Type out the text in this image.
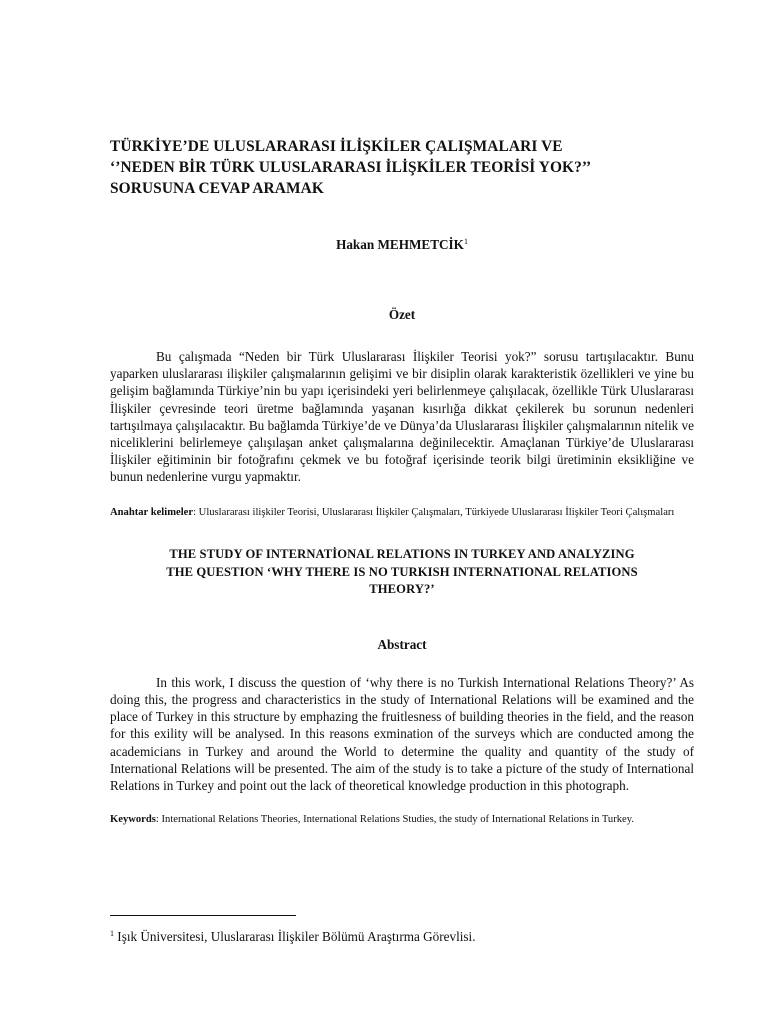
TÜRKİYE’DE ULUSLARARASI İLİŞKİLER ÇALIŞMALARI VE
‘’NEDEN BİR TÜRK ULUSLARARASI İLİŞKİLER TEORİSİ YOK?’’
SORUSUNA CEVAP ARAMAK
Hakan MEHMETCİK$^1$
Özet

Bu çalışmada “Neden bir Türk Uluslararası İlişkiler Teorisi yok?” sorusu tartışılacaktır. Bunu yaparken uluslararası ilişkiler çalışmalarının gelişimi ve bir disiplin olarak karakteristik özellikleri ve yine bu gelişim bağlamında Türkiye’nin bu yapı içerisindeki yeri belirlenmeye çalışılacak, özellikle Türk Uluslararası İlişkiler çevresinde teori üretme bağlamında yaşanan kısırlığa dikkat çekilerek bu sorunun nedenleri tartışılmaya çalışılacaktır. Bu bağlamda Türkiye’de ve Dünya’da Uluslararası İlişkiler çalışmalarının nitelik ve niceliklerini belirlemeye çalışılaşan anket çalışmalarına değinilecektir. Amaçlanan Türkiye’de Uluslararası İlişkiler eğitiminin bir fotoğrafını çekmek ve bu fotoğraf içerisinde teorik bilgi üretiminin eksikliğine ve bunun nedenlerine vurgu yapmaktır.

Anahtar kelimeler: Uluslararası ilişkiler Teorisi, Uluslararası İlişkiler Çalışmaları, Türkiyede Uluslararası İlişkiler Teori Çalışmaları

THE STUDY OF INTERNATİONAL RELATIONS IN TURKEY AND ANALYZING
THE QUESTION ‘WHY THERE IS NO TURKISH INTERNATIONAL RELATIONS
THEORY?’
Abstract

In this work, I discuss the question of ‘why there is no Turkish International Relations Theory?’ As doing this, the progress and characteristics in the study of International Relations will be examined and the place of Turkey in this structure by emphazing the fruitlesness of building theories in the field, and the reason for this exility will be analysed. In this reasons exmination of the surveys which are conducted among the academicians in Turkey and around the World to determine the quality and quantity of the study of International Relations will be presented. The aim of the study is to take a picture of the study of International Relations in Turkey and point out the lack of theoretical knowledge production in this photograph.

Keywords: International Relations Theories, International Relations Studies, the study of International Relations in Turkey.

$^1$ Işık Üniversitesi, Uluslararası İlişkiler Bölümü Araştırma Görevlisi.
